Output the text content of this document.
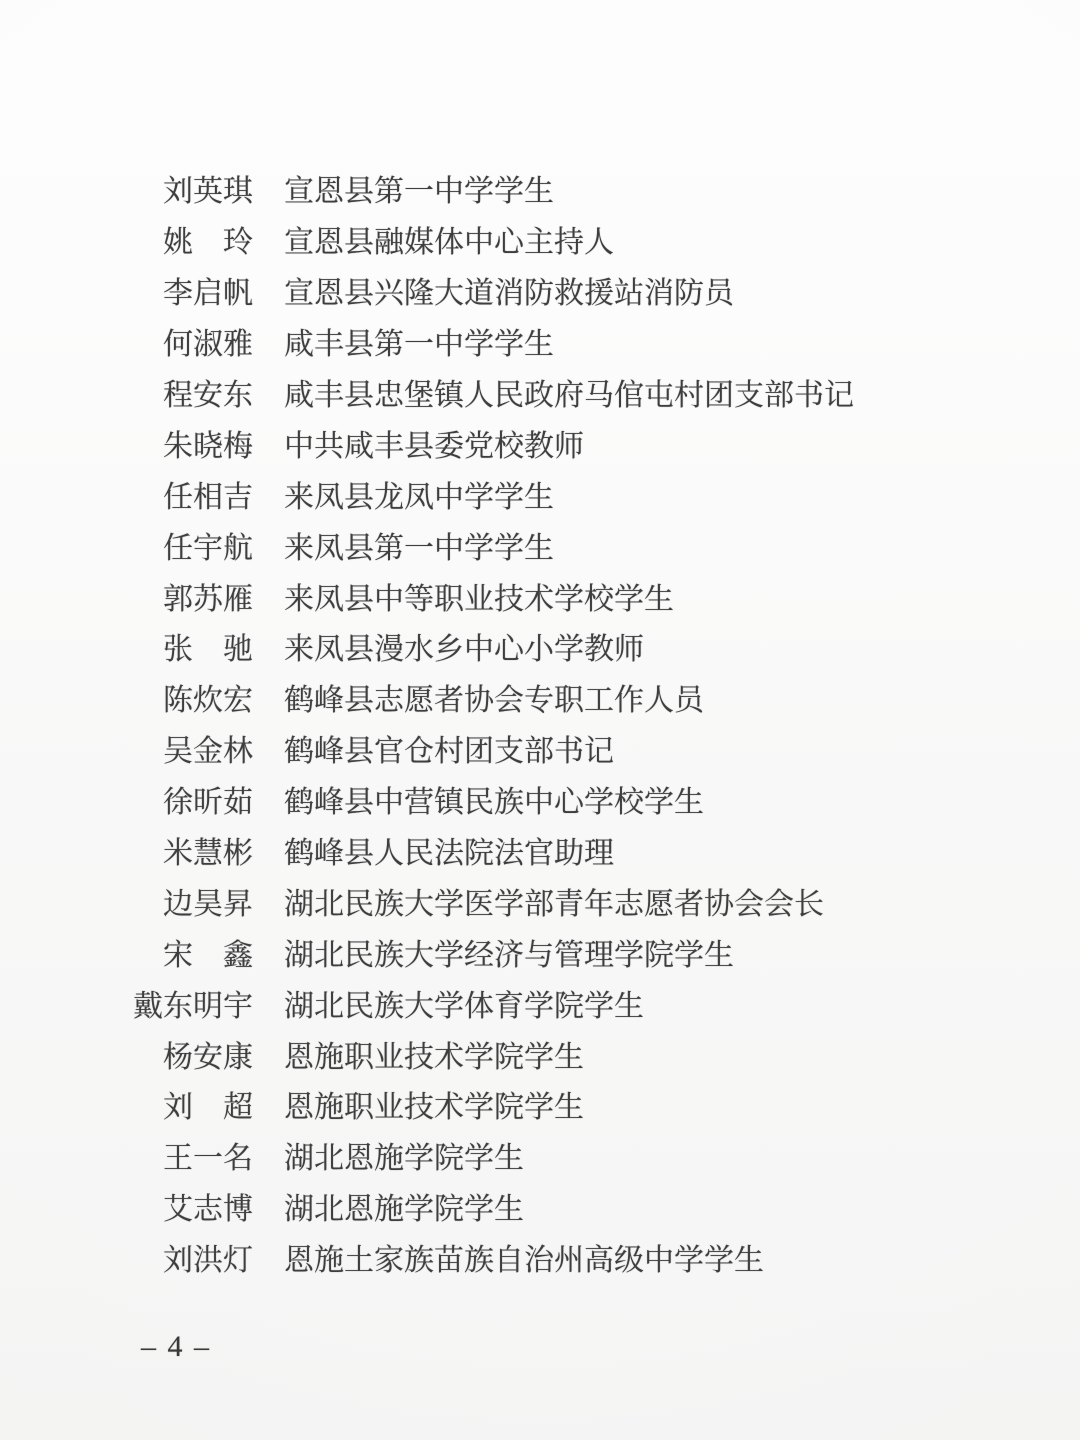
刘英琪 宣恩县第一中学学生
姚　玲 宣恩县融媒体中心主持人
李启帆 宣恩县兴隆大道消防救援站消防员
何淑雅 咸丰县第一中学学生
程安东 咸丰县忠堡镇人民政府马倌屯村团支部书记
朱晓梅 中共咸丰县委党校教师
任相吉 来凤县龙凤中学学生
任宇航 来凤县第一中学学生
郭苏雁 来凤县中等职业技术学校学生
张　驰 来凤县漫水乡中心小学教师
陈炊宏 鹤峰县志愿者协会专职工作人员
吴金林 鹤峰县官仓村团支部书记
徐昕茹 鹤峰县中营镇民族中心学校学生
米慧彬 鹤峰县人民法院法官助理
边昊昇 湖北民族大学医学部青年志愿者协会会长
宋　鑫 湖北民族大学经济与管理学院学生
戴东明宇 湖北民族大学体育学院学生
杨安康 恩施职业技术学院学生
刘　超 恩施职业技术学院学生
王一名 湖北恩施学院学生
艾志博 湖北恩施学院学生
刘洪灯 恩施土家族苗族自治州高级中学学生
– 4 –
